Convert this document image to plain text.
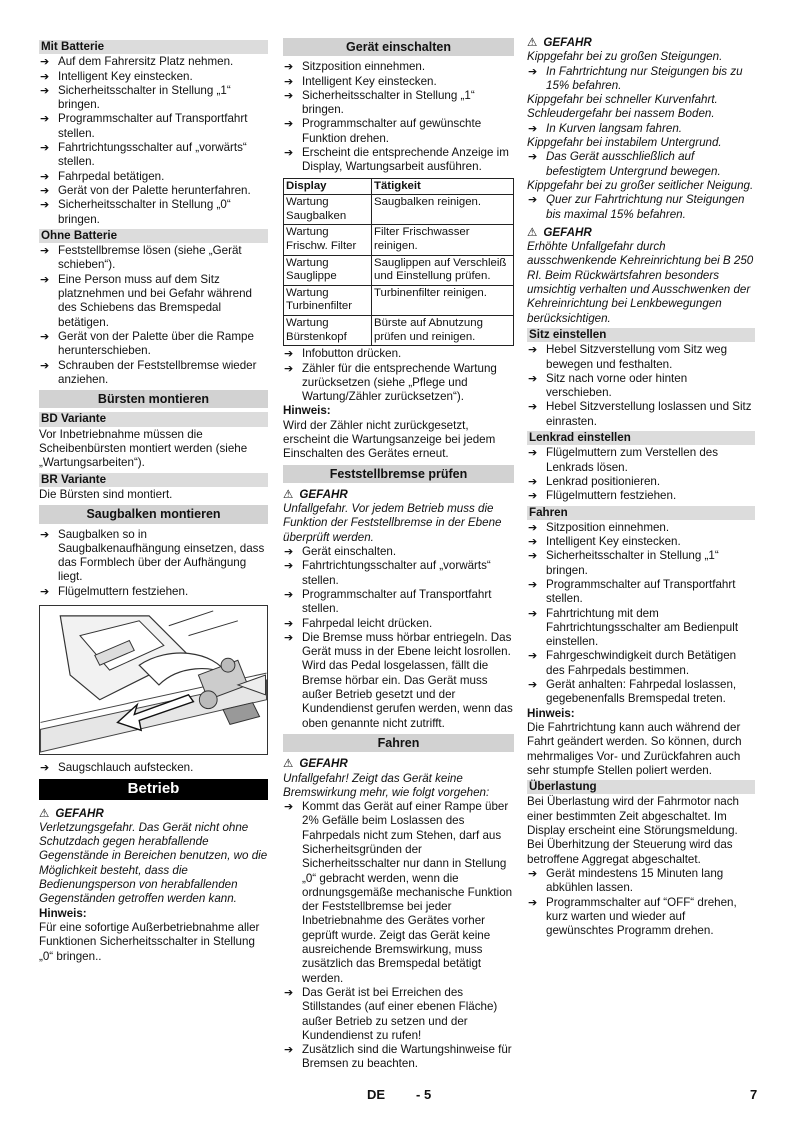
Mit Batterie
➔ Auf dem Fahrersitz Platz nehmen.
➔ Intelligent Key einstecken.
➔ Sicherheitsschalter in Stellung „1“ bringen.
➔ Programmschalter auf Transportfahrt stellen.
➔ Fahrtrichtungsschalter auf „vorwärts“ stellen.
➔ Fahrpedal betätigen.
➔ Gerät von der Palette herunterfahren.
➔ Sicherheitsschalter in Stellung „0“ bringen.
Ohne Batterie
➔ Feststellbremse lösen (siehe „Gerät schieben“).
➔ Eine Person muss auf dem Sitz platznehmen und bei Gefahr während des Schiebens das Bremspedal betätigen.
➔ Gerät von der Palette über die Rampe herunterschieben.
➔ Schrauben der Feststellbremse wieder anziehen.
Bürsten montieren
BD Variante
Vor Inbetriebnahme müssen die Scheibenbürsten montiert werden (siehe „Wartungsarbeiten“).
BR Variante
Die Bürsten sind montiert.
Saugbalken montieren
➔ Saugbalken so in Saugbalkenaufhängung einsetzen, dass das Formblech über der Aufhängung liegt.
➔ Flügelmuttern festziehen.
➔ Saugschlauch aufstecken.
Betrieb
⚠ GEFAHR
Verletzungsgefahr. Das Gerät nicht ohne Schutzdach gegen herabfallende Gegenstände in Bereichen benutzen, wo die Möglichkeit besteht, dass die Bedienungsperson von herabfallenden Gegenständen getroffen werden kann.
Hinweis:
Für eine sofortige Außerbetriebnahme aller Funktionen Sicherheitsschalter in Stellung „0“ bringen..
Gerät einschalten
➔ Sitzposition einnehmen.
➔ Intelligent Key einstecken.
➔ Sicherheitsschalter in Stellung „1“ bringen.
➔ Programmschalter auf gewünschte Funktion drehen.
➔ Erscheint die entsprechende Anzeige im Display, Wartungsarbeit ausführen.
Display	Tätigkeit
Wartung Saugbalken	Saugbalken reinigen.
Wartung Frischw. Filter	Filter Frischwasser reinigen.
Wartung Sauglippe	Sauglippen auf Verschleiß und Einstellung prüfen.
Wartung Turbinenfilter	Turbinenfilter reinigen.
Wartung Bürstenkopf	Bürste auf Abnutzung prüfen und reinigen.
➔ Infobutton drücken.
➔ Zähler für die entsprechende Wartung zurücksetzen (siehe „Pflege und Wartung/Zähler zurücksetzen“).
Hinweis:
Wird der Zähler nicht zurückgesetzt, erscheint die Wartungsanzeige bei jedem Einschalten des Gerätes erneut.
Feststellbremse prüfen
⚠ GEFAHR
Unfallgefahr. Vor jedem Betrieb muss die Funktion der Feststellbremse in der Ebene überprüft werden.
➔ Gerät einschalten.
➔ Fahrtrichtungsschalter auf „vorwärts“ stellen.
➔ Programmschalter auf Transportfahrt stellen.
➔ Fahrpedal leicht drücken.
➔ Die Bremse muss hörbar entriegeln. Das Gerät muss in der Ebene leicht losrollen. Wird das Pedal losgelassen, fällt die Bremse hörbar ein. Das Gerät muss außer Betrieb gesetzt und der Kundendienst gerufen werden, wenn das oben genannte nicht zutrifft.
Fahren
⚠ GEFAHR
Unfallgefahr! Zeigt das Gerät keine Bremswirkung mehr, wie folgt vorgehen:
➔ Kommt das Gerät auf einer Rampe über 2% Gefälle beim Loslassen des Fahrpedals nicht zum Stehen, darf aus Sicherheitsgründen der Sicherheitsschalter nur dann in Stellung „0“ gebracht werden, wenn die ordnungsgemäße mechanische Funktion der Feststellbremse bei jeder Inbetriebnahme des Gerätes vorher geprüft wurde. Zeigt das Gerät keine ausreichende Bremswirkung, muss zusätzlich das Bremspedal betätigt werden.
➔ Das Gerät ist bei Erreichen des Stillstandes (auf einer ebenen Fläche) außer Betrieb zu setzen und der Kundendienst zu rufen!
➔ Zusätzlich sind die Wartungshinweise für Bremsen zu beachten.
⚠ GEFAHR
Kippgefahr bei zu großen Steigungen.
➔ In Fahrtrichtung nur Steigungen bis zu 15% befahren.
Kippgefahr bei schneller Kurvenfahrt. Schleudergefahr bei nassem Boden.
➔ In Kurven langsam fahren.
Kippgefahr bei instabilem Untergrund.
➔ Das Gerät ausschließlich auf befestigtem Untergrund bewegen.
Kippgefahr bei zu großer seitlicher Neigung.
➔ Quer zur Fahrtrichtung nur Steigungen bis maximal 15% befahren.
⚠ GEFAHR
Erhöhte Unfallgefahr durch ausschwenkende Kehreinrichtung bei B 250 RI. Beim Rückwärtsfahren besonders umsichtig verhalten und Ausschwenken der Kehreinrichtung bei Lenkbewegungen berücksichtigen.
Sitz einstellen
➔ Hebel Sitzverstellung vom Sitz weg bewegen und festhalten.
➔ Sitz nach vorne oder hinten verschieben.
➔ Hebel Sitzverstellung loslassen und Sitz einrasten.
Lenkrad einstellen
➔ Flügelmuttern zum Verstellen des Lenkrads lösen.
➔ Lenkrad positionieren.
➔ Flügelmuttern festziehen.
Fahren
➔ Sitzposition einnehmen.
➔ Intelligent Key einstecken.
➔ Sicherheitsschalter in Stellung „1“ bringen.
➔ Programmschalter auf Transportfahrt stellen.
➔ Fahrtrichtung mit dem Fahrtrichtungsschalter am Bedienpult einstellen.
➔ Fahrgeschwindigkeit durch Betätigen des Fahrpedals bestimmen.
➔ Gerät anhalten: Fahrpedal loslassen, gegebenenfalls Bremspedal treten.
Hinweis:
Die Fahrtrichtung kann auch während der Fahrt geändert werden. So können, durch mehrmaliges Vor- und Zurückfahren auch sehr stumpfe Stellen poliert werden.
Überlastung
Bei Überlastung wird der Fahrmotor nach einer bestimmten Zeit abgeschaltet. Im Display erscheint eine Störungsmeldung. Bei Überhitzung der Steuerung wird das betroffene Aggregat abgeschaltet.
➔ Gerät mindestens 15 Minuten lang abkühlen lassen.
➔ Programmschalter auf “OFF“ drehen, kurz warten und wieder auf gewünschtes Programm drehen.
DE - 5	7
